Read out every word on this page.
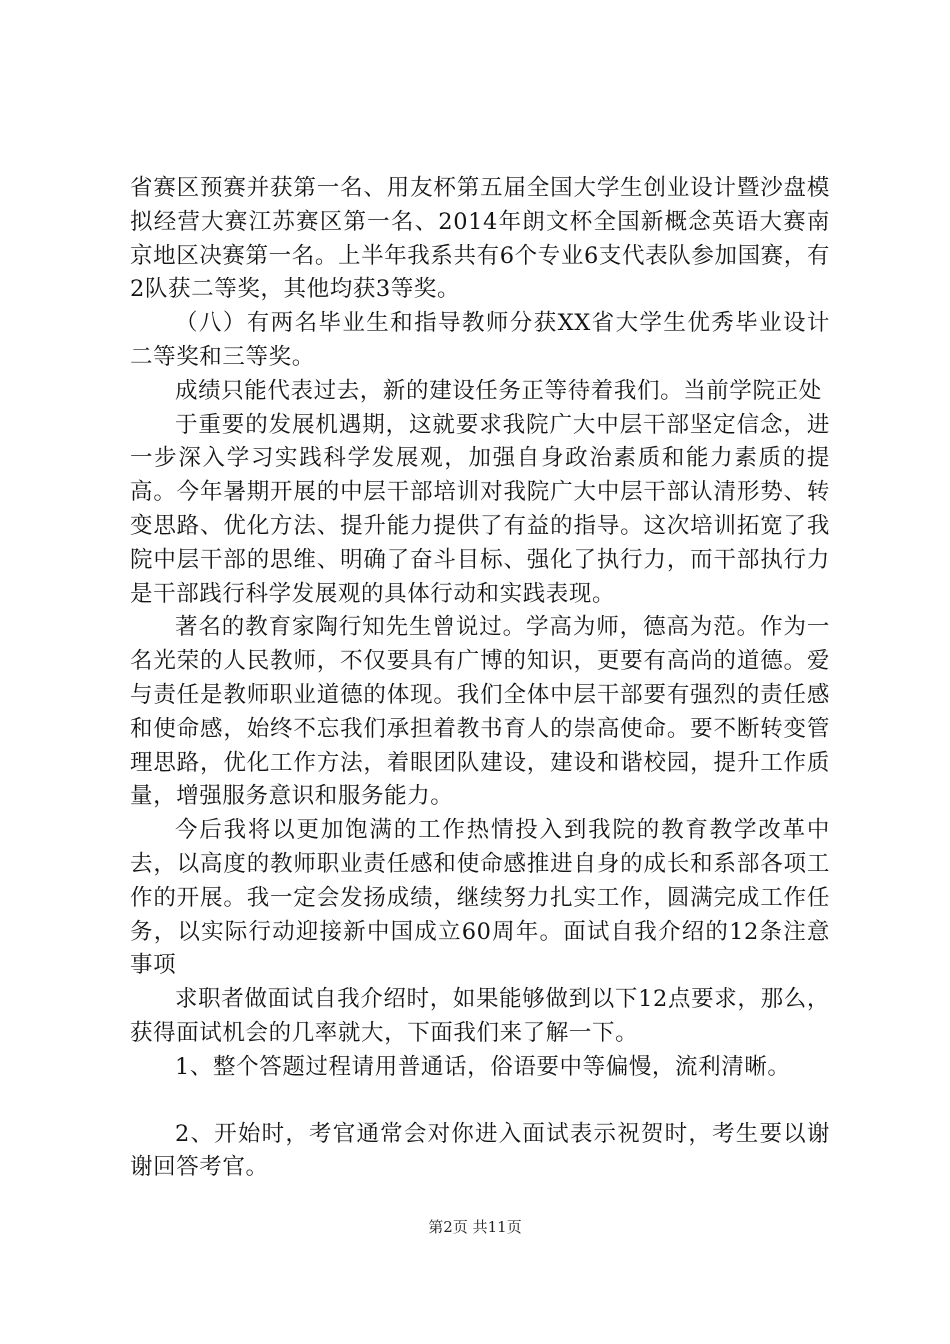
省赛区预赛并获第一名、用友杯第五届全国大学生创业设计暨沙盘模拟经营大赛江苏赛区第一名、2014年朗文杯全国新概念英语大赛南京地区决赛第一名。上半年我系共有6个专业6支代表队参加国赛，有2队获二等奖，其他均获3等奖。

（八）有两名毕业生和指导教师分获XX省大学生优秀毕业设计二等奖和三等奖。

成绩只能代表过去，新的建设任务正等待着我们。当前学院正处

于重要的发展机遇期，这就要求我院广大中层干部坚定信念，进一步深入学习实践科学发展观，加强自身政治素质和能力素质的提高。今年暑期开展的中层干部培训对我院广大中层干部认清形势、转变思路、优化方法、提升能力提供了有益的指导。这次培训拓宽了我院中层干部的思维、明确了奋斗目标、强化了执行力，而干部执行力是干部践行科学发展观的具体行动和实践表现。

著名的教育家陶行知先生曾说过。学高为师，德高为范。作为一名光荣的人民教师，不仅要具有广博的知识，更要有高尚的道德。爱与责任是教师职业道德的体现。我们全体中层干部要有强烈的责任感和使命感，始终不忘我们承担着教书育人的崇高使命。要不断转变管理思路，优化工作方法，着眼团队建设，建设和谐校园，提升工作质量，增强服务意识和服务能力。

今后我将以更加饱满的工作热情投入到我院的教育教学改革中去，以高度的教师职业责任感和使命感推进自身的成长和系部各项工作的开展。我一定会发扬成绩，继续努力扎实工作，圆满完成工作任务，以实际行动迎接新中国成立60周年。面试自我介绍的12条注意事项

求职者做面试自我介绍时，如果能够做到以下12点要求，那么，获得面试机会的几率就大，下面我们来了解一下。

1、整个答题过程请用普通话，俗语要中等偏慢，流利清晰。

2、开始时，考官通常会对你进入面试表示祝贺时，考生要以谢谢回答考官。

第2页 共11页
